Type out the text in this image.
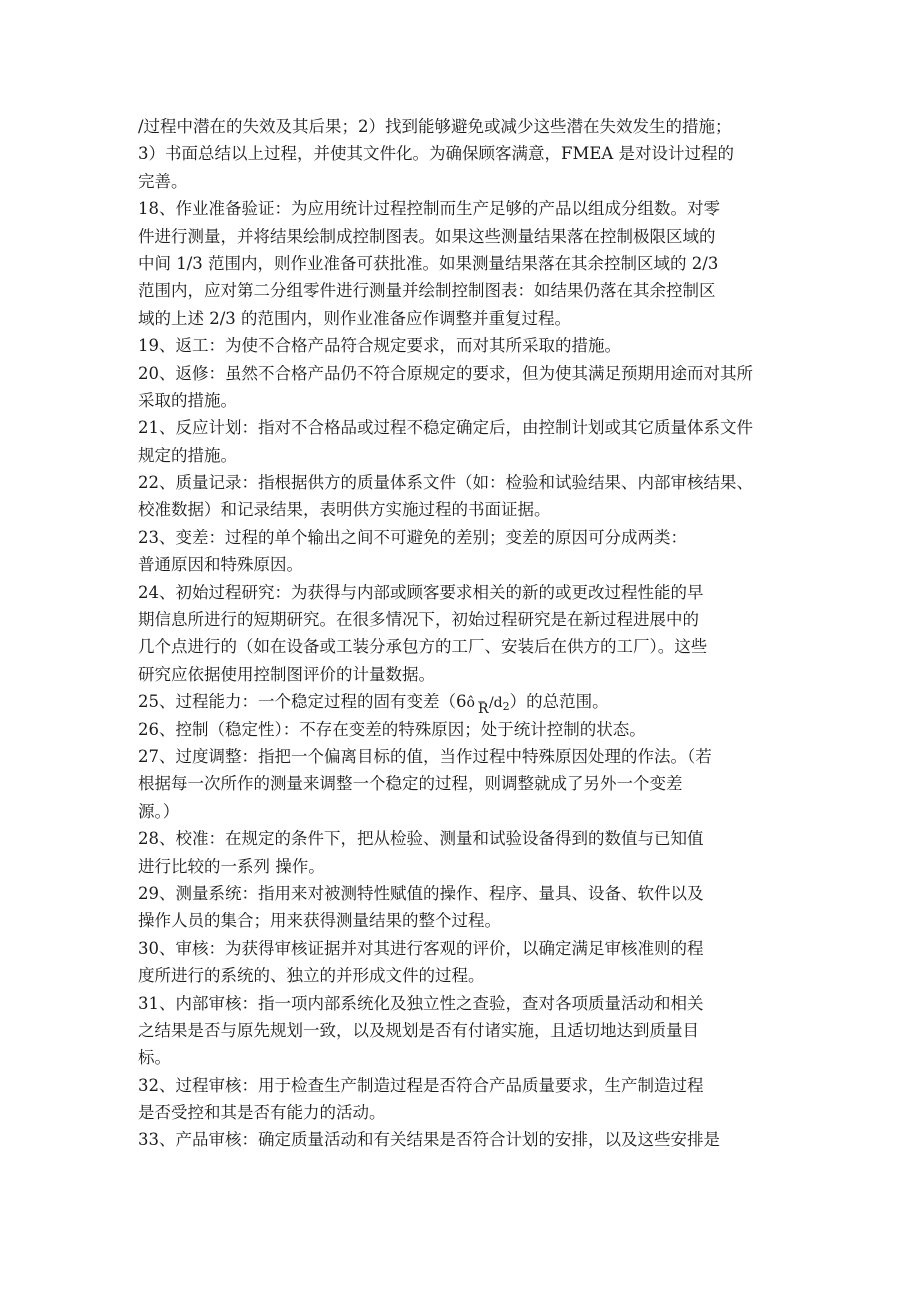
/过程中潜在的失效及其后果；2）找到能够避免或减少这些潜在失效发生的措施；
3）书面总结以上过程，并使其文件化。为确保顾客满意，FMEA 是对设计过程的
完善。
18、作业准备验证：为应用统计过程控制而生产足够的产品以组成分组数。对零
件进行测量，并将结果绘制成控制图表。如果这些测量结果落在控制极限区域的
中间 1/3 范围内，则作业准备可获批准。如果测量结果落在其余控制区域的 2/3
范围内，应对第二分组零件进行测量并绘制控制图表：如结果仍落在其余控制区
域的上述 2/3 的范围内，则作业准备应作调整并重复过程。
19、返工：为使不合格产品符合规定要求，而对其所采取的措施。
20、返修：虽然不合格产品仍不符合原规定的要求，但为使其满足预期用途而对其所
采取的措施。
21、反应计划：指对不合格品或过程不稳定确定后，由控制计划或其它质量体系文件
规定的措施。
22、质量记录：指根据供方的质量体系文件（如：检验和试验结果、内部审核结果、
校准数据）和记录结果，表明供方实施过程的书面证据。
23、变差：过程的单个输出之间不可避免的差别；变差的原因可分成两类：
普通原因和特殊原因。
24、初始过程研究：为获得与内部或顾客要求相关的新的或更改过程性能的早
期信息所进行的短期研究。在很多情况下，初始过程研究是在新过程进展中的
几个点进行的（如在设备或工装分承包方的工厂、安装后在供方的工厂）。这些
研究应依据使用控制图评价的计量数据。
25、过程能力：一个稳定过程的固有变差（6ô _
R $/d_2$）的总范围。
26、控制（稳定性）：不存在变差的特殊原因；处于统计控制的状态。
27、过度调整：指把一个偏离目标的值，当作过程中特殊原因处理的作法。（若
根据每一次所作的测量来调整一个稳定的过程，则调整就成了另外一个变差
源。）
28、校准：在规定的条件下，把从检验、测量和试验设备得到的数值与已知值
进行比较的一系列 操作。
29、测量系统：指用来对被测特性赋值的操作、程序、量具、设备、软件以及
操作人员的集合；用来获得测量结果的整个过程。
30、审核：为获得审核证据并对其进行客观的评价，以确定满足审核准则的程
度所进行的系统的、独立的并形成文件的过程。
31、内部审核：指一项内部系统化及独立性之查验，查对各项质量活动和相关
之结果是否与原先规划一致，以及规划是否有付诸实施，且适切地达到质量目
标。
32、过程审核：用于检查生产制造过程是否符合产品质量要求，生产制造过程
是否受控和其是否有能力的活动。
33、产品审核：确定质量活动和有关结果是否符合计划的安排，以及这些安排是
